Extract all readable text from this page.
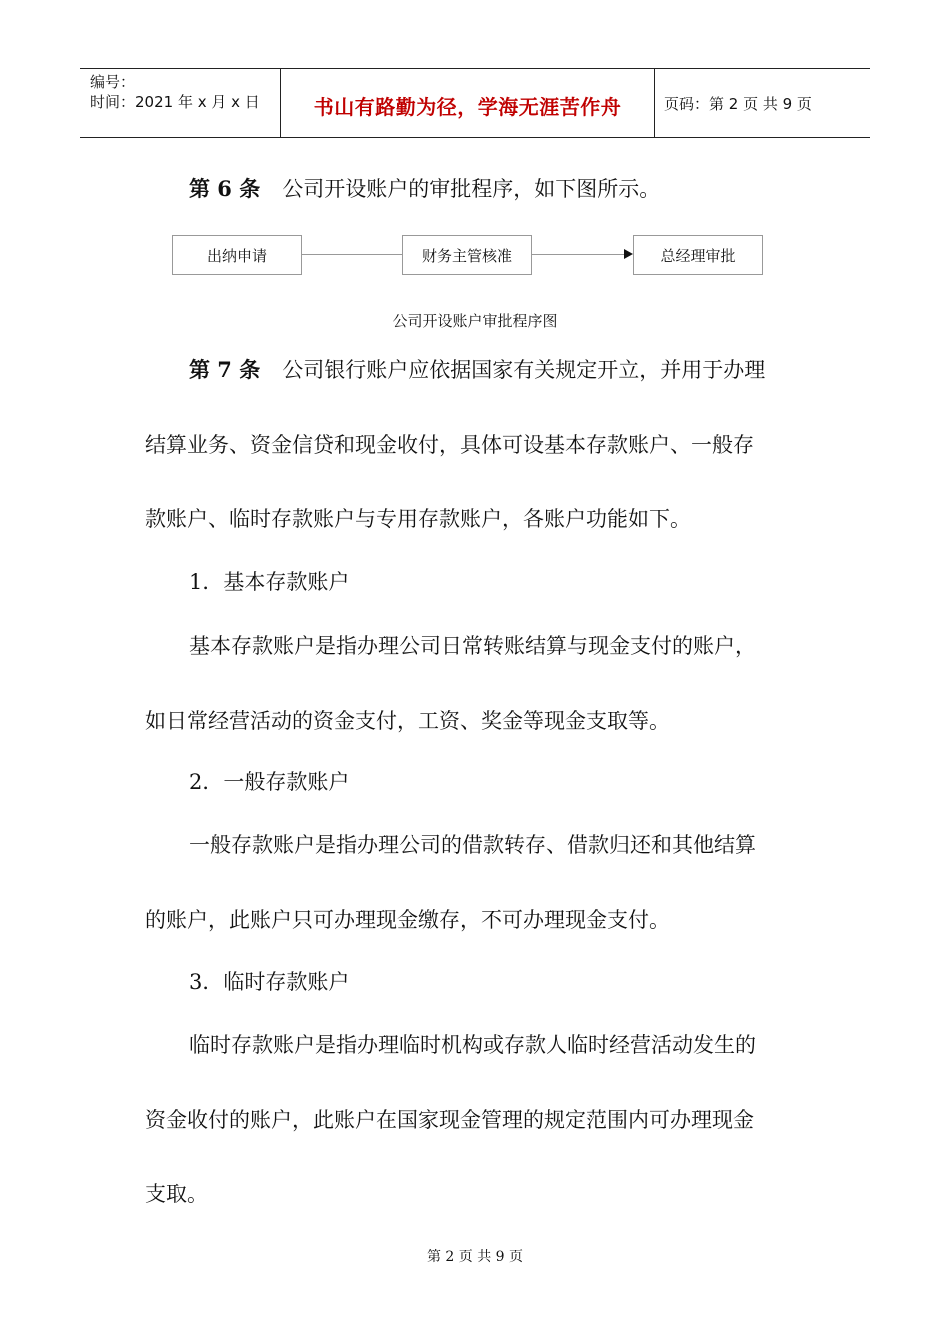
编号：
时间：2021 年 x 月 x 日	书山有路勤为径，学海无涯苦作舟	页码：第 2 页 共 9 页
第 6 条 公司开设账户的审批程序，如下图所示。
出纳申请	财务主管核准	总经理审批
公司开设账户审批程序图
第 7 条 公司银行账户应依据国家有关规定开立，并用于办理
结算业务、资金信贷和现金收付，具体可设基本存款账户、一般存
款账户、临时存款账户与专用存款账户，各账户功能如下。
1．基本存款账户
基本存款账户是指办理公司日常转账结算与现金支付的账户，
如日常经营活动的资金支付，工资、奖金等现金支取等。
2．一般存款账户
一般存款账户是指办理公司的借款转存、借款归还和其他结算
的账户，此账户只可办理现金缴存，不可办理现金支付。
3．临时存款账户
临时存款账户是指办理临时机构或存款人临时经营活动发生的
资金收付的账户，此账户在国家现金管理的规定范围内可办理现金
支取。
第 2 页 共 9 页
